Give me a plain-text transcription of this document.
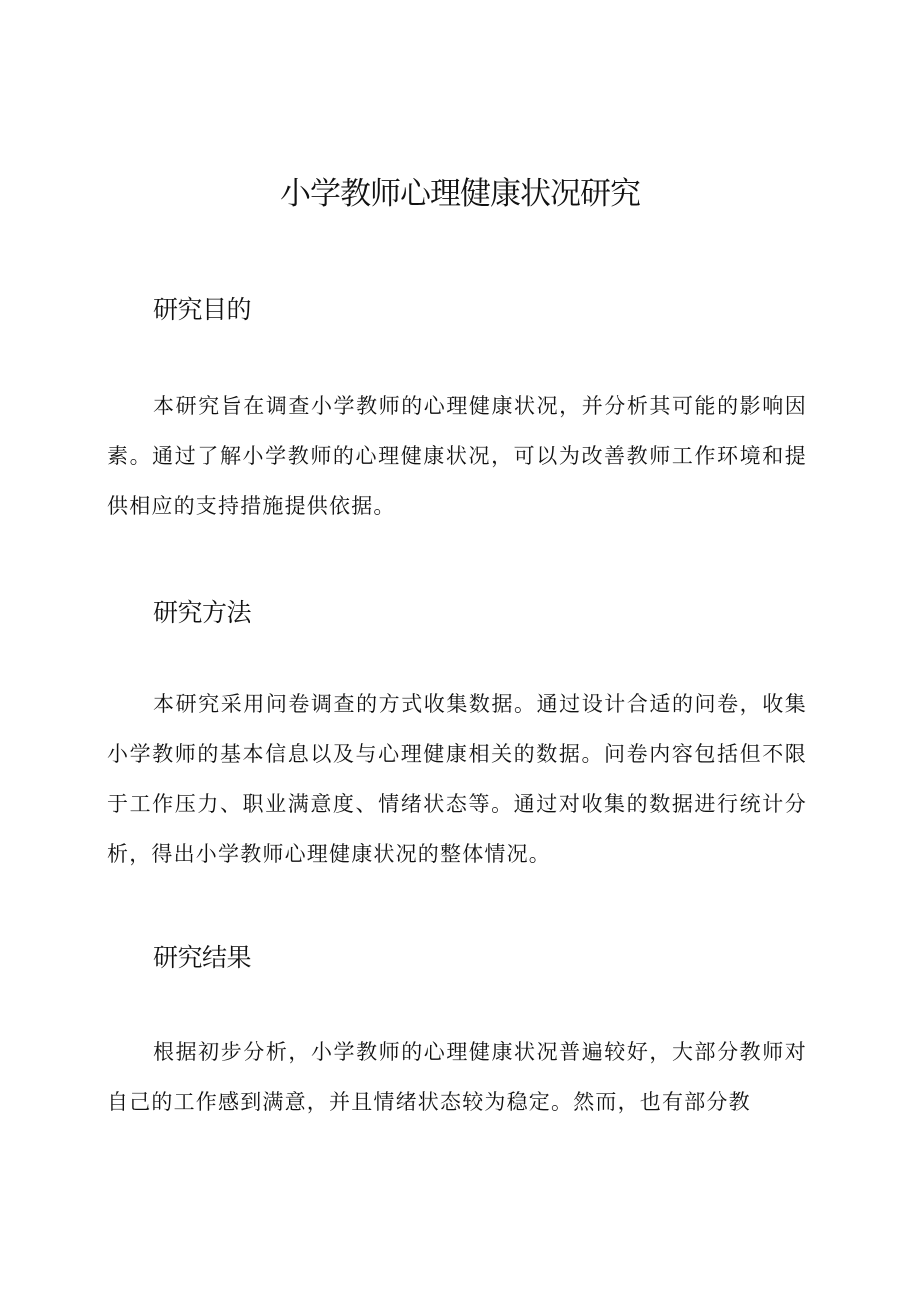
小学教师心理健康状况研究
研究目的

本研究旨在调查小学教师的心理健康状况，并分析其可能的影响因素。通过了解小学教师的心理健康状况，可以为改善教师工作环境和提供相应的支持措施提供依据。

研究方法

本研究采用问卷调查的方式收集数据。通过设计合适的问卷，收集小学教师的基本信息以及与心理健康相关的数据。问卷内容包括但不限于工作压力、职业满意度、情绪状态等。通过对收集的数据进行统计分析，得出小学教师心理健康状况的整体情况。

研究结果

根据初步分析，小学教师的心理健康状况普遍较好，大部分教师对自己的工作感到满意，并且情绪状态较为稳定。然而，也有部分教
